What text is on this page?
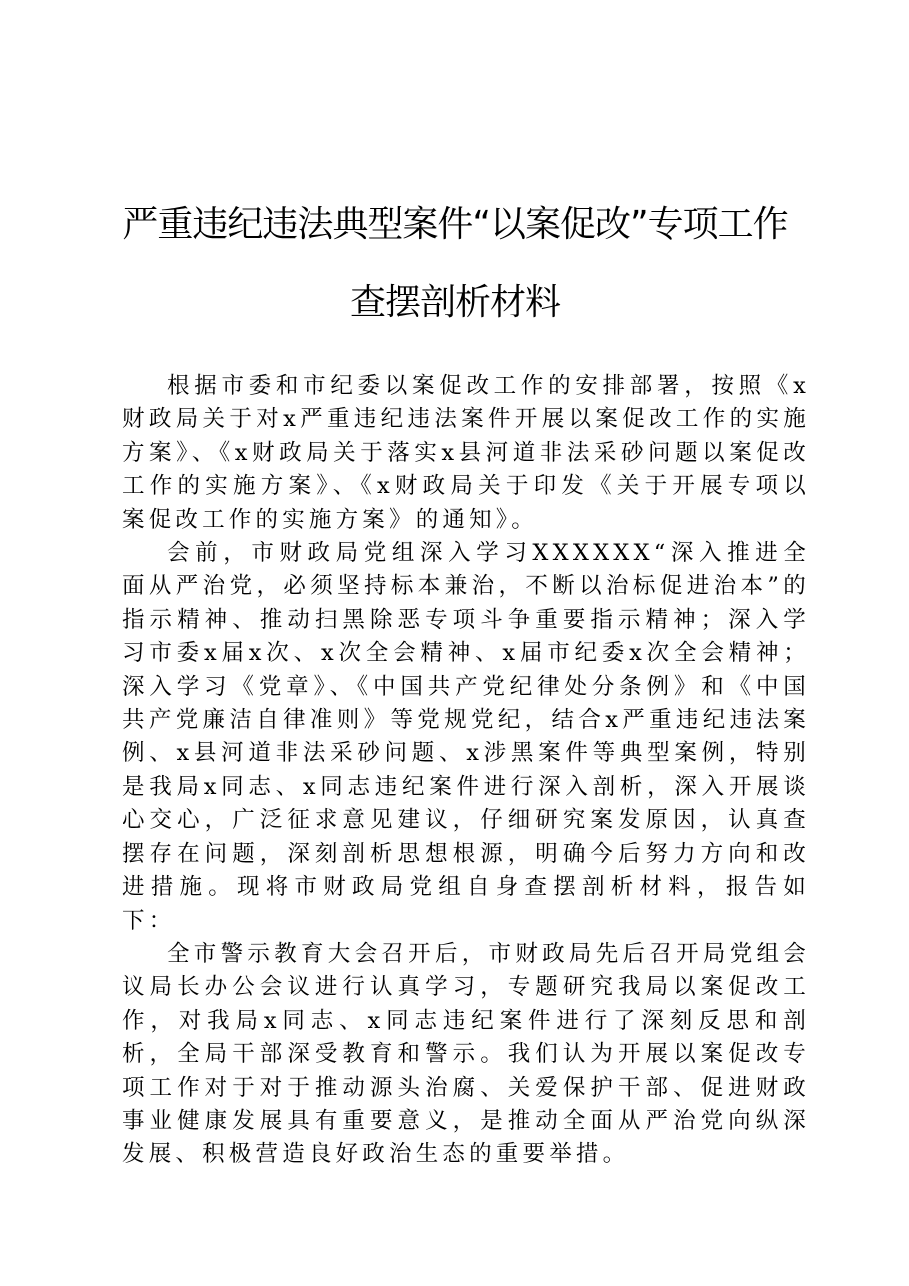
严重违纪违法典型案件“以案促改”专项工作
查摆剖析材料

根据市委和市纪委以案促改工作的安排部署，按照《x财政局关于对x严重违纪违法案件开展以案促改工作的实施方案》、《x财政局关于落实x县河道非法采砂问题以案促改工作的实施方案》、《x财政局关于印发《关于开展专项以案促改工作的实施方案》的通知》。

会前，市财政局党组深入学习XXXXXX“深入推进全面从严治党，必须坚持标本兼治，不断以治标促进治本”的指示精神、推动扫黑除恶专项斗争重要指示精神；深入学习市委x届x次、x次全会精神、x届市纪委x次全会精神；深入学习《党章》、《中国共产党纪律处分条例》和《中国共产党廉洁自律准则》等党规党纪，结合x严重违纪违法案例、x县河道非法采砂问题、x涉黑案件等典型案例，特别是我局x同志、x同志违纪案件进行深入剖析，深入开展谈心交心，广泛征求意见建议，仔细研究案发原因，认真查摆存在问题，深刻剖析思想根源，明确今后努力方向和改进措施。现将市财政局党组自身查摆剖析材料，报告如下：

全市警示教育大会召开后，市财政局先后召开局党组会议局长办公会议进行认真学习，专题研究我局以案促改工作，对我局x同志、x同志违纪案件进行了深刻反思和剖析，全局干部深受教育和警示。我们认为开展以案促改专项工作对于对于推动源头治腐、关爱保护干部、促进财政事业健康发展具有重要意义，是推动全面从严治党向纵深发展、积极营造良好政治生态的重要举措。
